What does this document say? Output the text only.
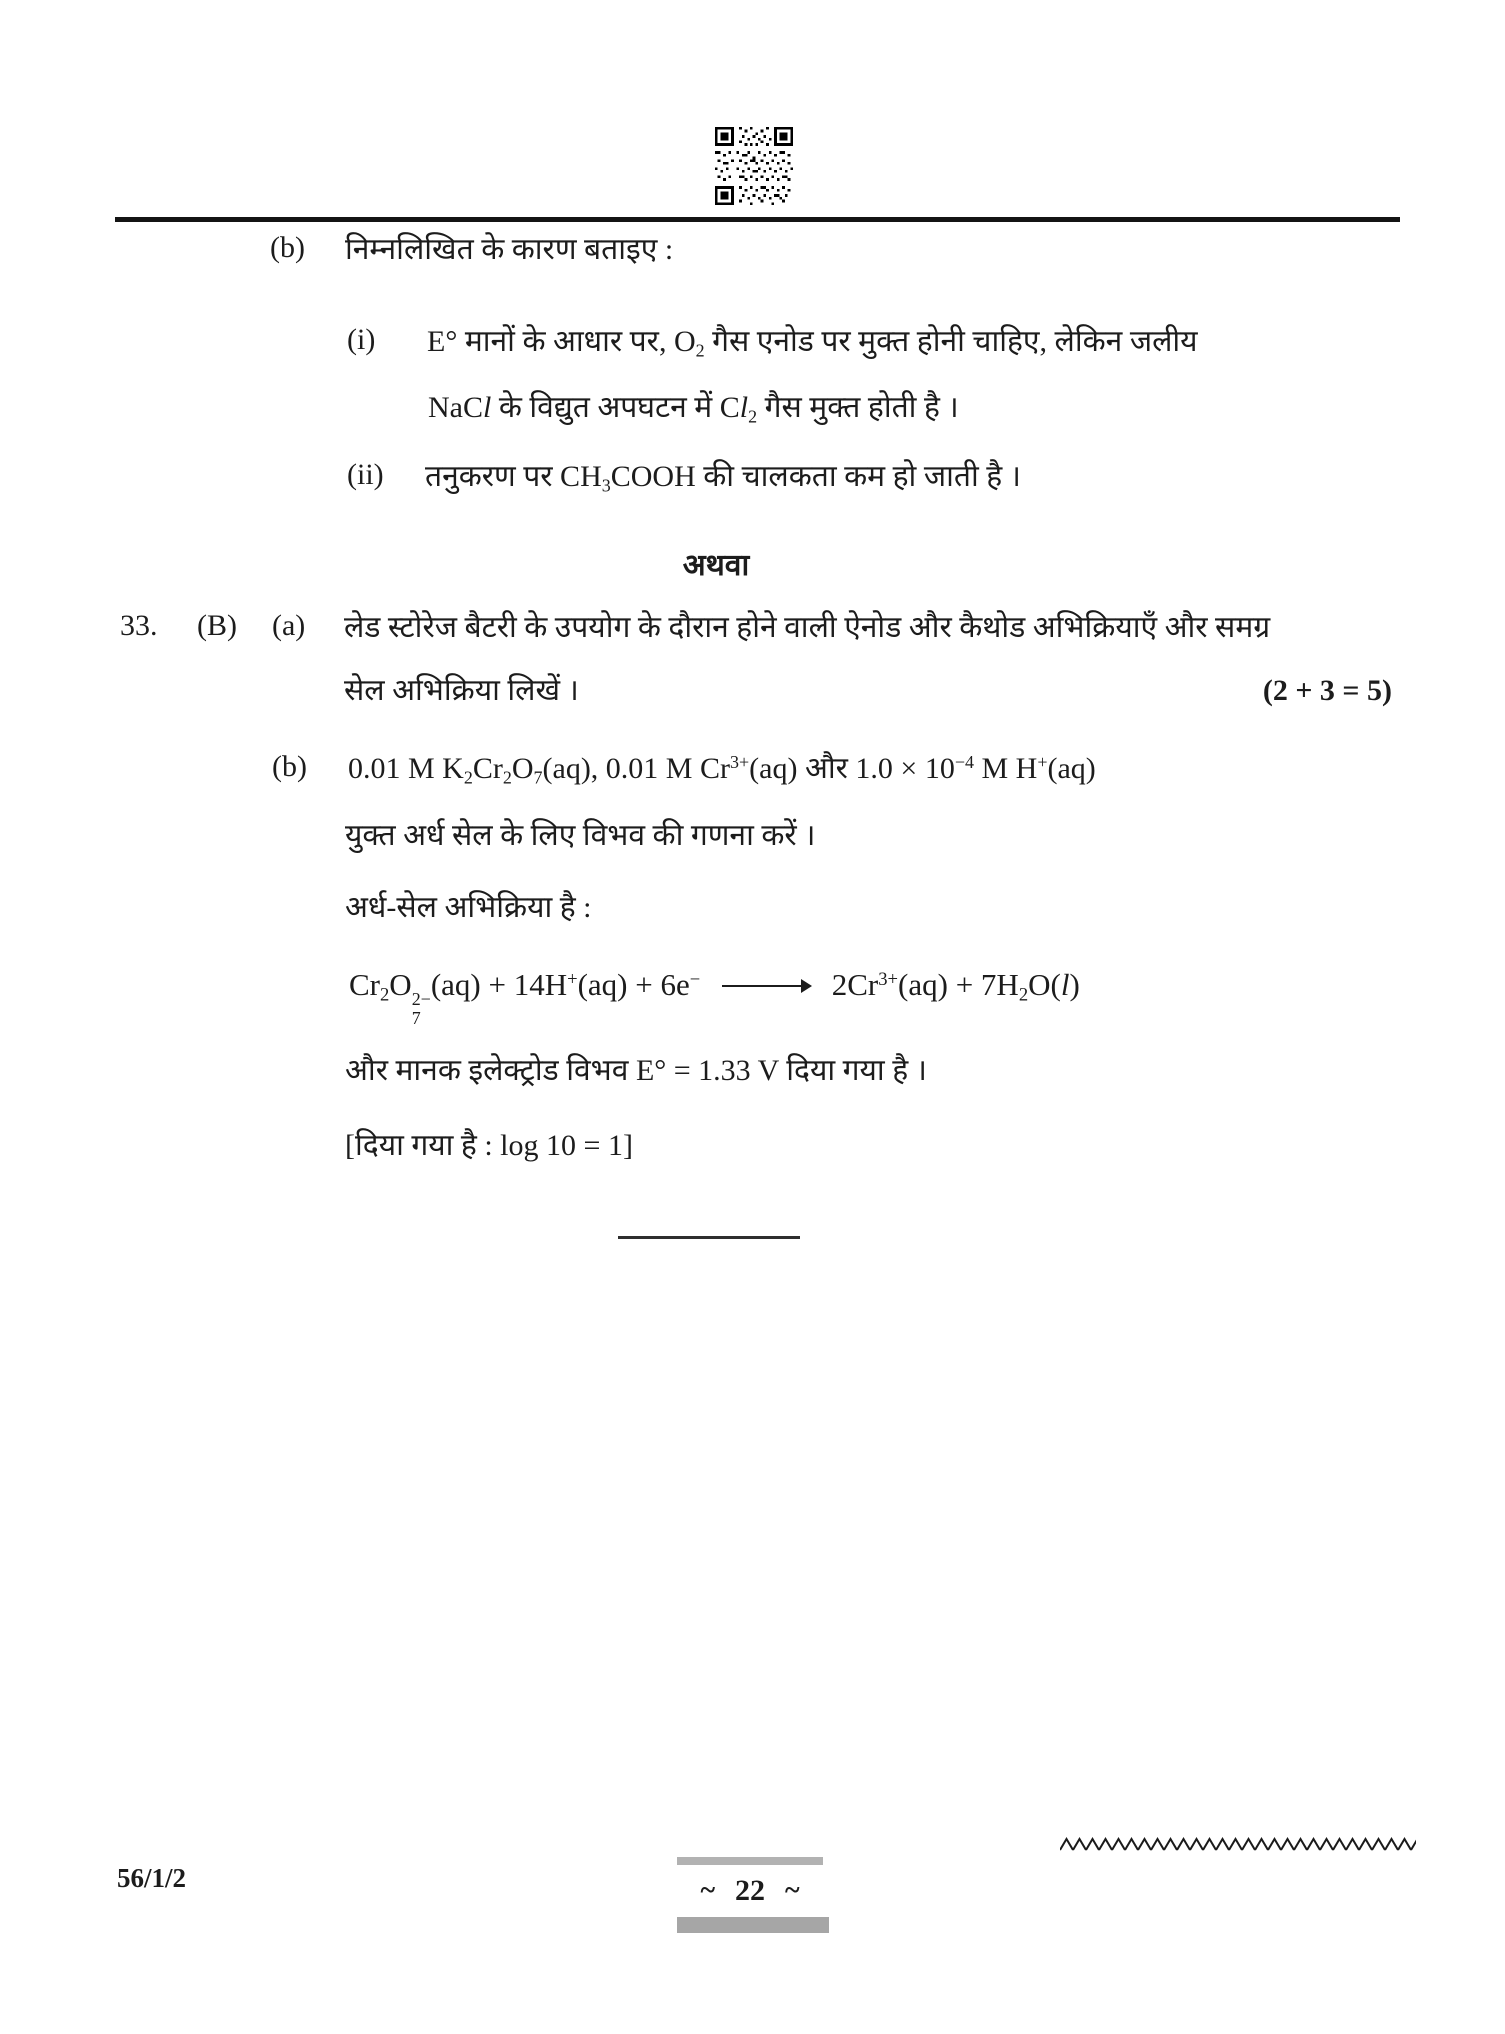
(b) निम्नलिखित के कारण बताइए :
(i) E° मानों के आधार पर, $O_2$ गैस एनोड पर मुक्त होनी चाहिए, लेकिन जलीय
NaCl के विद्युत अपघटन में $Cl_2$ गैस मुक्त होती है ।
(ii) तनुकरण पर $CH_3COOH$ की चालकता कम हो जाती है ।
अथवा
33. (B) (a) लेड स्टोरेज बैटरी के उपयोग के दौरान होने वाली ऐनोड और कैथोड अभिक्रियाएँ और समग्र
सेल अभिक्रिया लिखें ।	(2 + 3 = 5)
(b) 0.01 M $K_2Cr_2O_7(aq)$, 0.01 M $Cr^{3+}(aq)$ और $1.0 \times 10^{-4}$ M H+(aq)
युक्त अर्ध सेल के लिए विभव की गणना करें ।
अर्ध-सेल अभिक्रिया है :
$Cr_2O$ 2−
7
(aq) + 14H+(aq) + 6e−	$2Cr^{3+}(aq) + 7H_2O(l)$
और मानक इलेक्ट्रोड विभव E° = 1.33 V दिया गया है ।
[दिया गया है : log 10 = 1]
56/1/2	~ 22 ~
